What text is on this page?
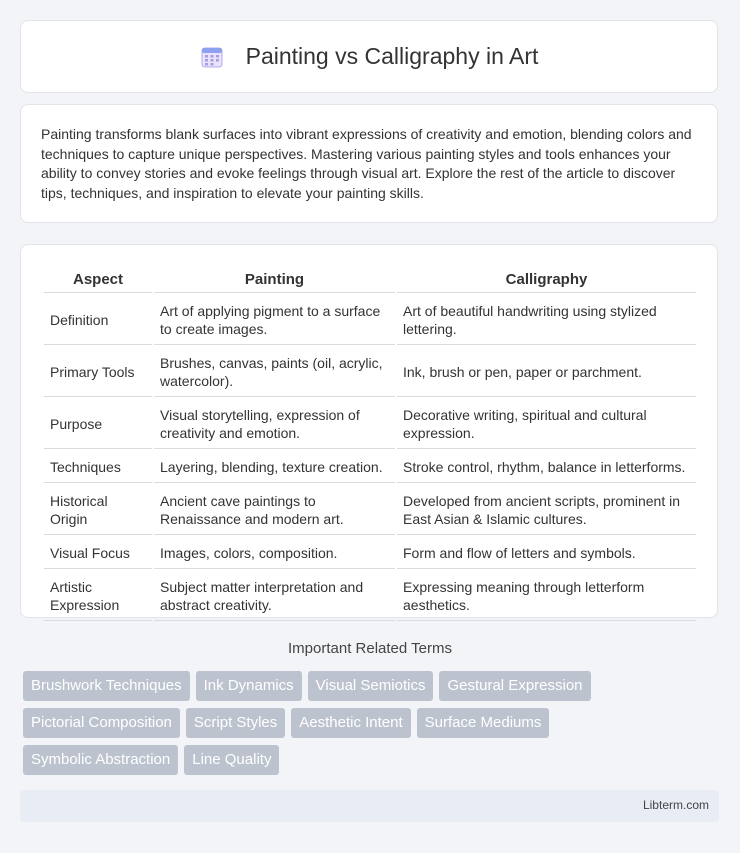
Painting vs Calligraphy in Art

Painting transforms blank surfaces into vibrant expressions of creativity and emotion, blending colors and techniques to capture unique perspectives. Mastering various painting styles and tools enhances your ability to convey stories and evoke feelings through visual art. Explore the rest of the article to discover tips, techniques, and inspiration to elevate your painting skills.

Aspect	Painting	Calligraphy
Definition	Art of applying pigment to a surface to create images.	Art of beautiful handwriting using stylized lettering.
Primary Tools	Brushes, canvas, paints (oil, acrylic, watercolor).	Ink, brush or pen, paper or parchment.
Purpose	Visual storytelling, expression of creativity and emotion.	Decorative writing, spiritual and cultural expression.
Techniques	Layering, blending, texture creation.	Stroke control, rhythm, balance in letterforms.
Historical Origin	Ancient cave paintings to Renaissance and modern art.	Developed from ancient scripts, prominent in East Asian & Islamic cultures.
Visual Focus	Images, colors, composition.	Form and flow of letters and symbols.
Artistic Expression	Subject matter interpretation and abstract creativity.	Expressing meaning through letterform aesthetics.
Important Related Terms
Brushwork Techniques	Ink Dynamics	Visual Semiotics	Gestural Expression
Pictorial Composition	Script Styles	Aesthetic Intent	Surface Mediums
Symbolic Abstraction	Line Quality
Libterm.com
